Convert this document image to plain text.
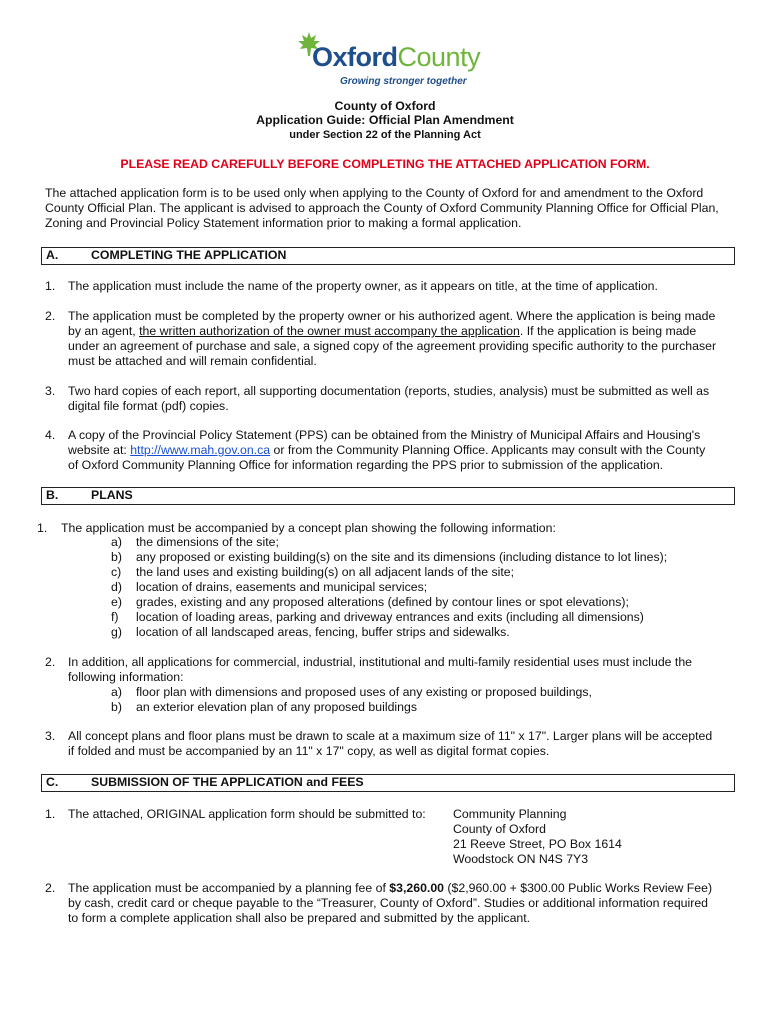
OxfordCounty
Growing stronger together
County of Oxford
Application Guide: Official Plan Amendment
under Section 22 of the Planning Act
PLEASE READ CAREFULLY BEFORE COMPLETING THE ATTACHED APPLICATION FORM.
The attached application form is to be used only when applying to the County of Oxford for and amendment to the Oxford
County Official Plan. The applicant is advised to approach the County of Oxford Community Planning Office for Official Plan,
Zoning and Provincial Policy Statement information prior to making a formal application.
A.	COMPLETING THE APPLICATION
1. The application must include the name of the property owner, as it appears on title, at the time of application.
2. The application must be completed by the property owner or his authorized agent. Where the application is being made
by an agent, the written authorization of the owner must accompany the application. If the application is being made
under an agreement of purchase and sale, a signed copy of the agreement providing specific authority to the purchaser
must be attached and will remain confidential.
3. Two hard copies of each report, all supporting documentation (reports, studies, analysis) must be submitted as well as
digital file format (pdf) copies.
4. A copy of the Provincial Policy Statement (PPS) can be obtained from the Ministry of Municipal Affairs and Housing's
website at: http://www.mah.gov.on.ca or from the Community Planning Office. Applicants may consult with the County
of Oxford Community Planning Office for information regarding the PPS prior to submission of the application.
B.	PLANS
1. The application must be accompanied by a concept plan showing the following information:
a) the dimensions of the site;
b) any proposed or existing building(s) on the site and its dimensions (including distance to lot lines);
c) the land uses and existing building(s) on all adjacent lands of the site;
d) location of drains, easements and municipal services;
e) grades, existing and any proposed alterations (defined by contour lines or spot elevations);
f) location of loading areas, parking and driveway entrances and exits (including all dimensions)
g) location of all landscaped areas, fencing, buffer strips and sidewalks.
2. In addition, all applications for commercial, industrial, institutional and multi-family residential uses must include the
following information:
a) floor plan with dimensions and proposed uses of any existing or proposed buildings,
b) an exterior elevation plan of any proposed buildings
3. All concept plans and floor plans must be drawn to scale at a maximum size of 11" x 17". Larger plans will be accepted
if folded and must be accompanied by an 11" x 17" copy, as well as digital format copies.
C.	SUBMISSION OF THE APPLICATION and FEES
1. The attached, ORIGINAL application form should be submitted to:	Community Planning
County of Oxford
21 Reeve Street, PO Box 1614
Woodstock ON N4S 7Y3
2. The application must be accompanied by a planning fee of $3,260.00 ($2,960.00 + $300.00 Public Works Review Fee)
by cash, credit card or cheque payable to the “Treasurer, County of Oxford”. Studies or additional information required
to form a complete application shall also be prepared and submitted by the applicant.
